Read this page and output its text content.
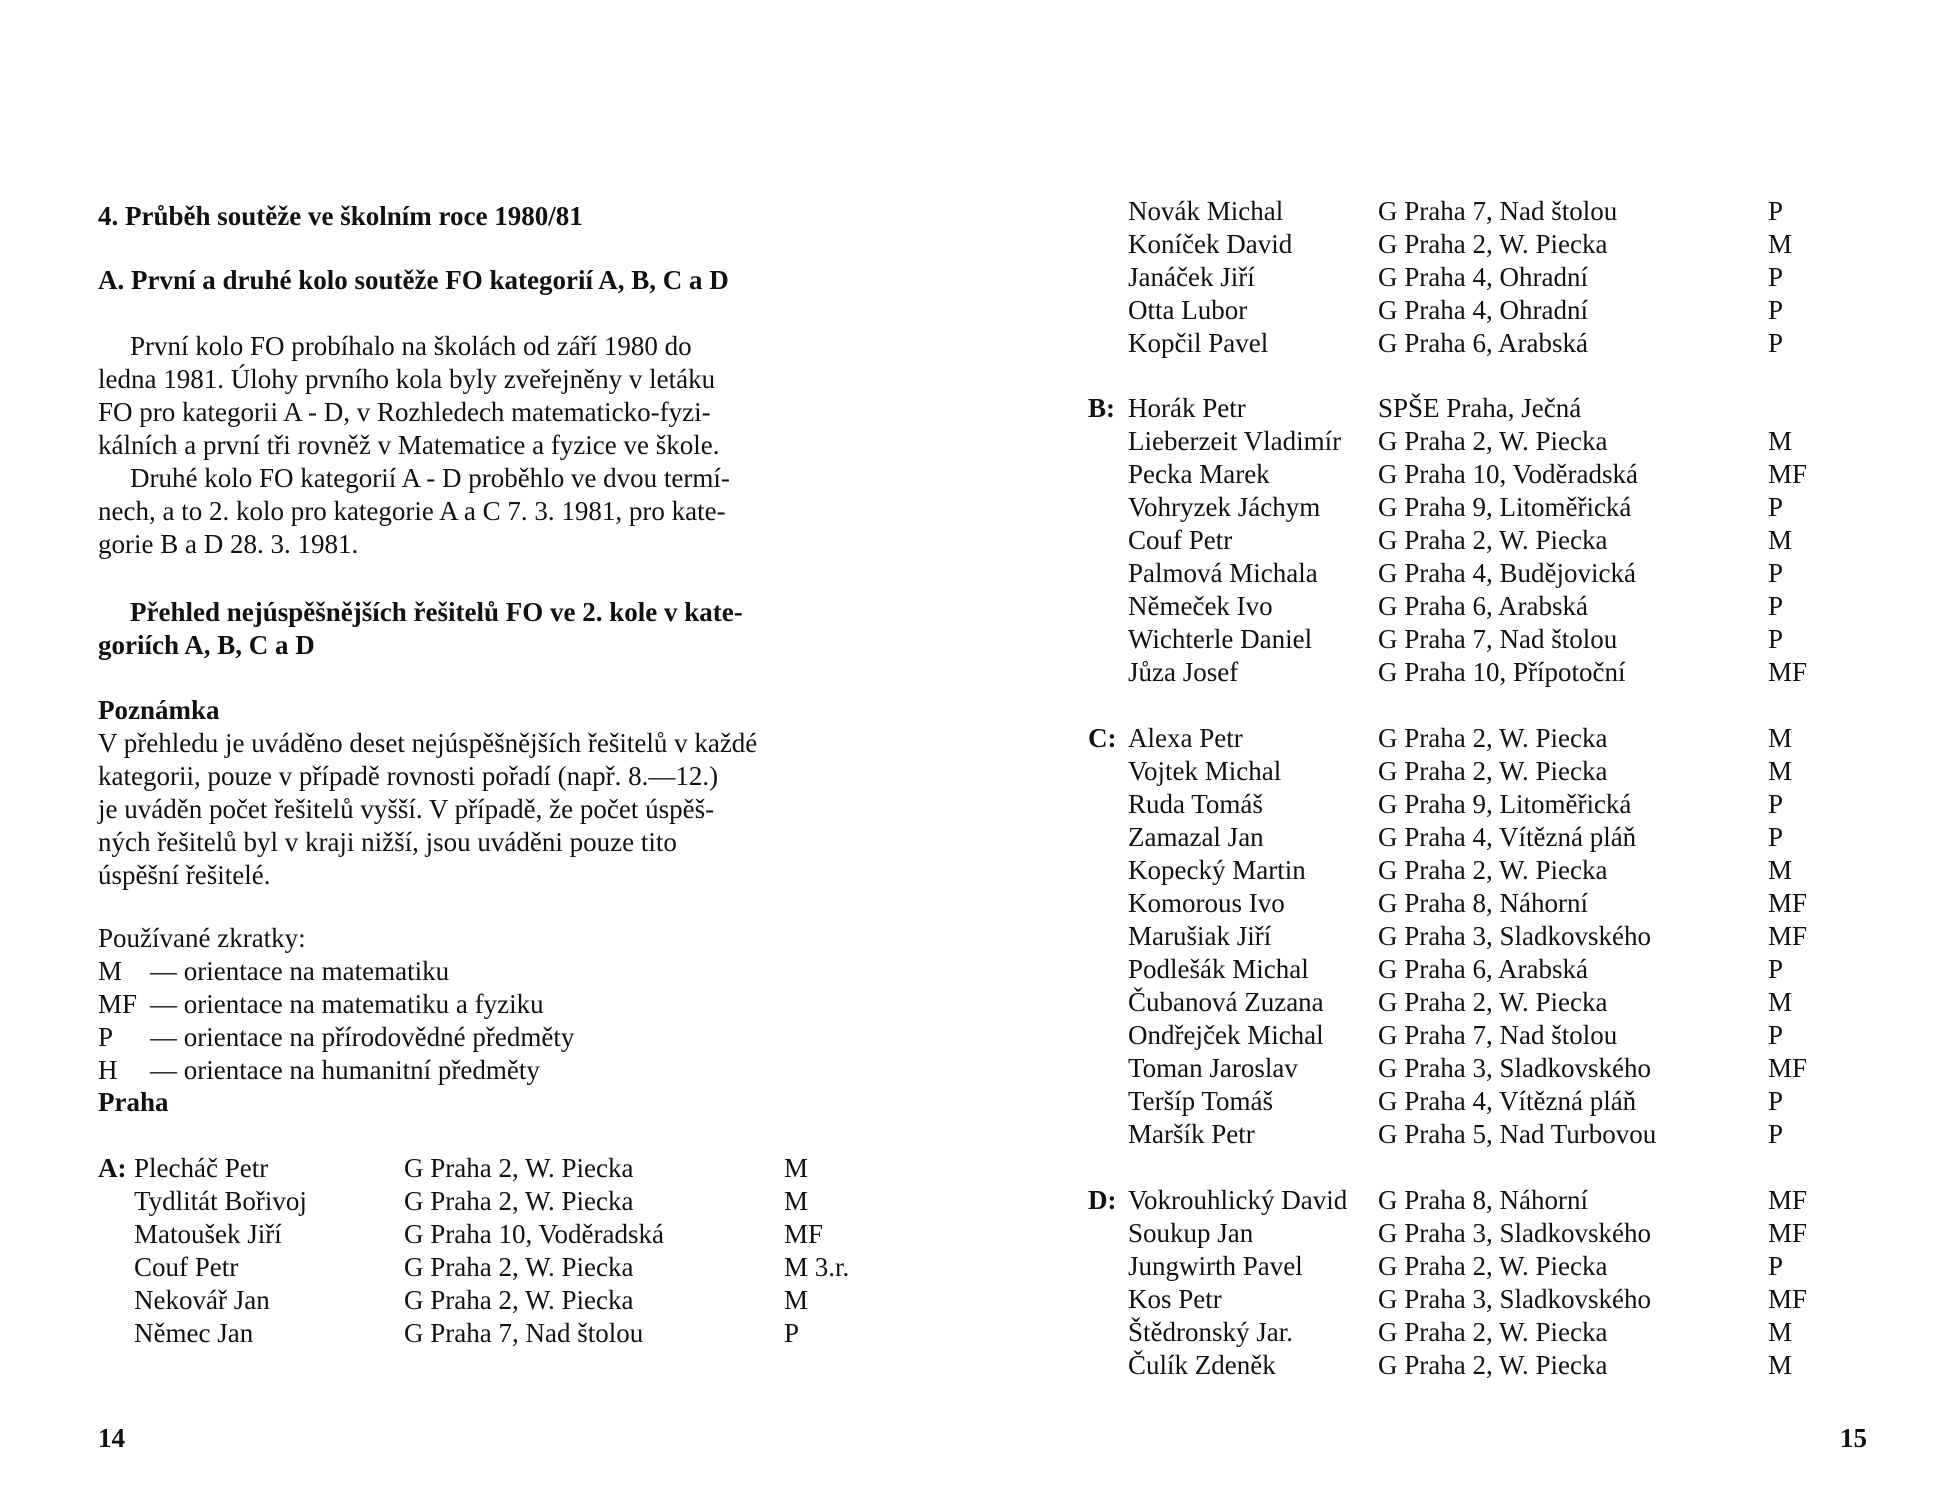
4. Průběh soutěže ve školním roce 1980/81
A. První a druhé kolo soutěže FO kategorií A, B, C a D

První kolo FO probíhalo na školách od září 1980 do
ledna 1981. Úlohy prvního kola byly zveřejněny v letáku
FO pro kategorii A - D, v Rozhledech matematicko-fyzi-
kálních a první tři rovněž v Matematice a fyzice ve škole.
Druhé kolo FO kategorií A - D proběhlo ve dvou termí-
nech, a to 2. kolo pro kategorie A a C 7. 3. 1981, pro kate-
gorie B a D 28. 3. 1981.

Přehled nejúspěšnějších řešitelů FO ve 2. kole v kate-
goriích A, B, C a D

Poznámka
V přehledu je uváděno deset nejúspěšnějších řešitelů v každé
kategorii, pouze v případě rovnosti pořadí (např. 8.—12.)
je uváděn počet řešitelů vyšší. V případě, že počet úspěš-
ných řešitelů byl v kraji nižší, jsou uváděni pouze tito
úspěšní řešitelé.

Používané zkratky:

M	— orientace na matematiku
MF — orientace na matematiku a fyziku
P	— orientace na přírodovědné předměty
H	— orientace na humanitní předměty
Praha
A: Plecháč Petr	G Praha 2, W. Piecka	M
Tydlitát Bořivoj	G Praha 2, W. Piecka	M
Matoušek Jiří	G Praha 10, Voděradská	MF
Couf Petr	G Praha 2, W. Piecka	M 3.r.
Nekovář Jan	G Praha 2, W. Piecka	M
Němec Jan	G Praha 7, Nad štolou	P
14
Novák Michal	G Praha 7, Nad štolou	P
Koníček David	G Praha 2, W. Piecka	M
Janáček Jiří	G Praha 4, Ohradní	P
Otta Lubor	G Praha 4, Ohradní	P
Kopčil Pavel	G Praha 6, Arabská	P
B: Horák Petr	SPŠE Praha, Ječná
Lieberzeit Vladimír G Praha 2, W. Piecka	M
Pecka Marek	G Praha 10, Voděradská	MF
Vohryzek Jáchym G Praha 9, Litoměřická	P
Couf Petr	G Praha 2, W. Piecka	M
Palmová Michala G Praha 4, Budějovická	P
Němeček Ivo	G Praha 6, Arabská	P
Wichterle Daniel G Praha 7, Nad štolou	P
Jůza Josef	G Praha 10, Přípotoční	MF
C: Alexa Petr	G Praha 2, W. Piecka	M
Vojtek Michal	G Praha 2, W. Piecka	M
Ruda Tomáš	G Praha 9, Litoměřická	P
Zamazal Jan	G Praha 4, Vítězná pláň	P
Kopecký Martin	G Praha 2, W. Piecka	M
Komorous Ivo	G Praha 8, Náhorní	MF
Marušiak Jiří	G Praha 3, Sladkovského	MF
Podlešák Michal	G Praha 6, Arabská	P
Čubanová Zuzana G Praha 2, W. Piecka	M
Ondřejček Michal G Praha 7, Nad štolou	P
Toman Jaroslav	G Praha 3, Sladkovského	MF
Teršíp Tomáš	G Praha 4, Vítězná pláň	P
Maršík Petr	G Praha 5, Nad Turbovou	P
D: Vokrouhlický David G Praha 8, Náhorní	MF
Soukup Jan	G Praha 3, Sladkovského	MF
Jungwirth Pavel	G Praha 2, W. Piecka	P
Kos Petr	G Praha 3, Sladkovského	MF
Štědronský Jar.	G Praha 2, W. Piecka	M
Čulík Zdeněk	G Praha 2, W. Piecka	M
15
